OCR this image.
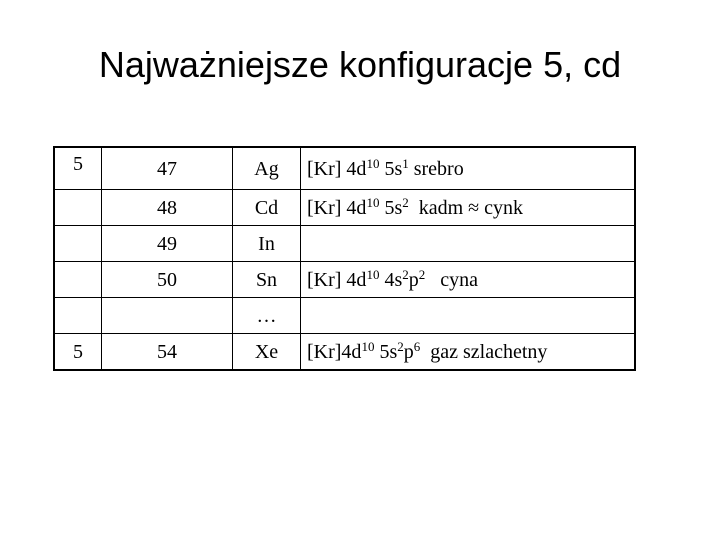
Najważniejsze konfiguracje 5, cd
5	47	Ag	[Kr] $4d^{10}$ $5s^1$ srebro
	48	Cd	[Kr] $4d^{10}$ $5s^2$  kadm ≈ cynk
	49	In	
	50	Sn	[Kr] $4d^{10}$ $4s^2p^2$   cyna
		…	
5	54	Xe	$[Kr]4d^{10}$ $5s^2p^6$  gaz szlachetny
